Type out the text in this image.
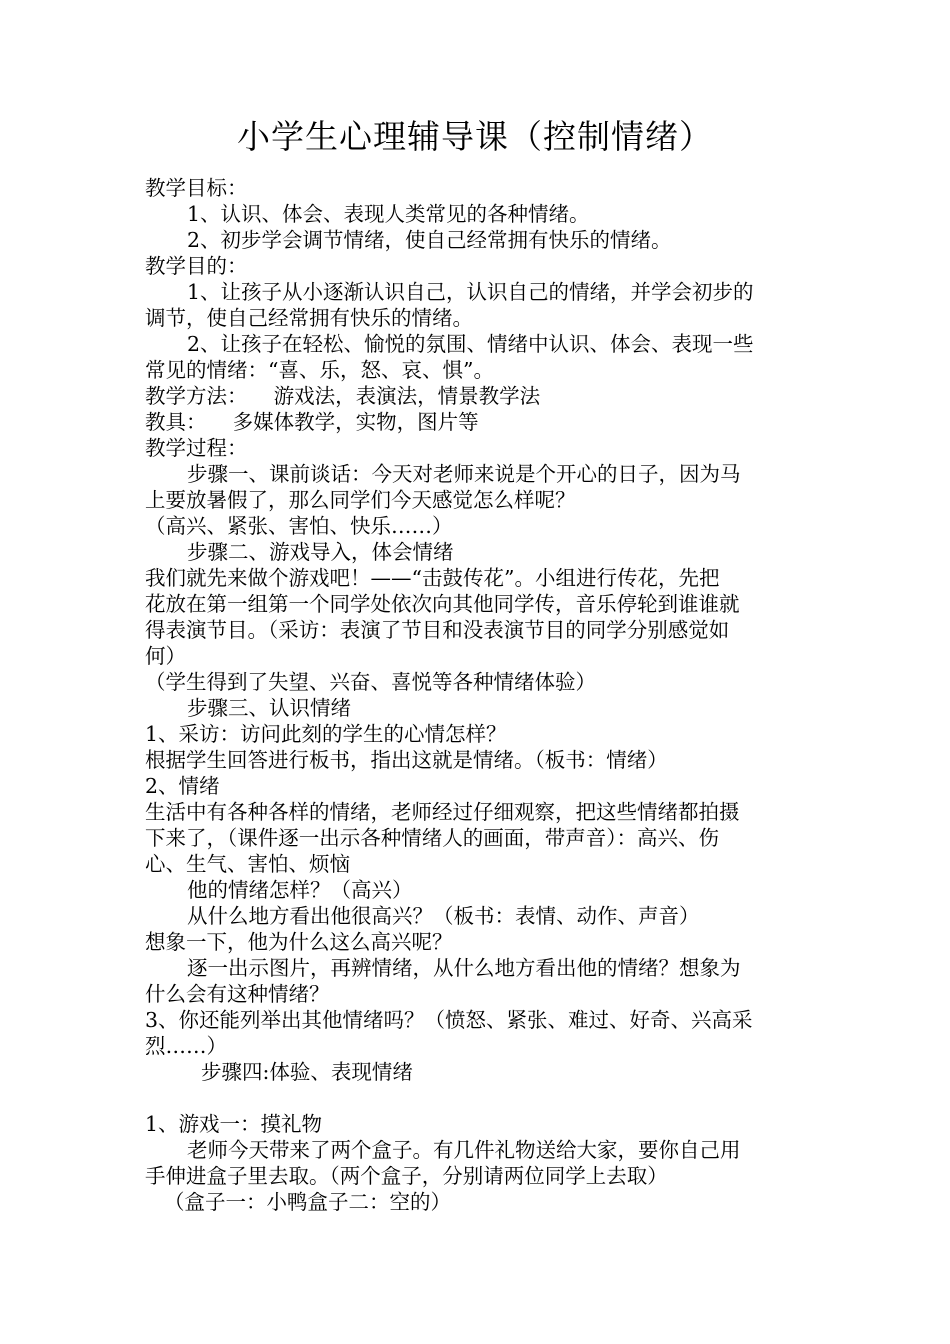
小学生心理辅导课（控制情绪）

教学目标：

1、认识、体会、表现人类常见的各种情绪。

2、初步学会调节情绪，使自己经常拥有快乐的情绪。

教学目的：

1、让孩子从小逐渐认识自己，认识自己的情绪，并学会初步的

调节，使自己经常拥有快乐的情绪。

2、让孩子在轻松、愉悦的氛围、情绪中认识、体会、表现一些

常见的情绪：“喜、乐，怒、哀、惧”。

教学方法：    游戏法，表演法，情景教学法

教具：    多媒体教学，实物，图片等

教学过程：

步骤一、课前谈话：今天对老师来说是个开心的日子，因为马

上要放暑假了，那么同学们今天感觉怎么样呢？

（高兴、紧张、害怕、快乐……）

步骤二、游戏导入，体会情绪

我们就先来做个游戏吧！——“击鼓传花”。小组进行传花，先把

花放在第一组第一个同学处依次向其他同学传，音乐停轮到谁谁就

得表演节目。（采访：表演了节目和没表演节目的同学分别感觉如

何）

（学生得到了失望、兴奋、喜悦等各种情绪体验）

步骤三、认识情绪

1、采访：访问此刻的学生的心情怎样？

根据学生回答进行板书，指出这就是情绪。（板书：情绪）

2、情绪

生活中有各种各样的情绪，老师经过仔细观察，把这些情绪都拍摄

下来了，（课件逐一出示各种情绪人的画面，带声音）：高兴、伤

心、生气、害怕、烦恼

他的情绪怎样？（高兴）

从什么地方看出他很高兴？（板书：表情、动作、声音）

想象一下，他为什么这么高兴呢？

逐一出示图片，再辨情绪，从什么地方看出他的情绪？想象为

什么会有这种情绪？

3、你还能列举出其他情绪吗？（愤怒、紧张、难过、好奇、兴高采

烈……）

步骤四:体验、表现情绪

1、游戏一：摸礼物

老师今天带来了两个盒子。有几件礼物送给大家，要你自己用

手伸进盒子里去取。（两个盒子，分别请两位同学上去取）

（盒子一：小鸭盒子二：空的）
